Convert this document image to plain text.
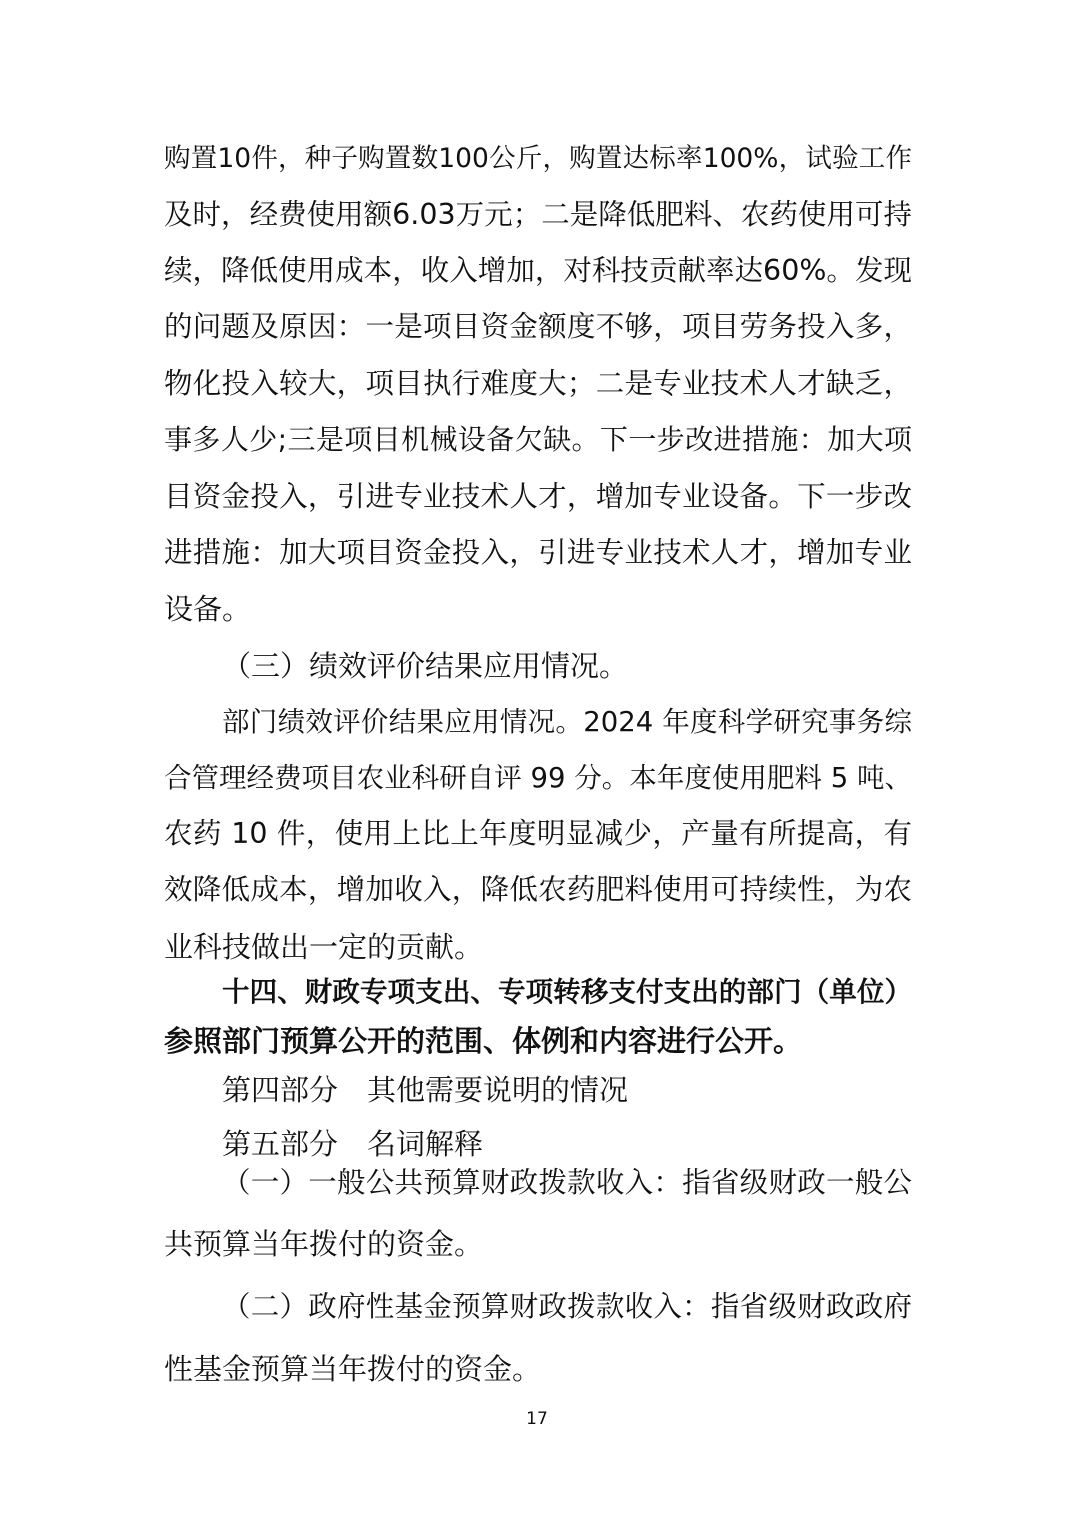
购置10件，种子购置数100公斤，购置达标率100%，试验工作
及时，经费使用额6.03万元；二是降低肥料、农药使用可持
续，降低使用成本，收入增加，对科技贡献率达60%。发现
的问题及原因：一是项目资金额度不够，项目劳务投入多，
物化投入较大，项目执行难度大；二是专业技术人才缺乏，
事多人少;三是项目机械设备欠缺。下一步改进措施：加大项
目资金投入，引进专业技术人才，增加专业设备。下一步改
进措施：加大项目资金投入，引进专业技术人才，增加专业
设备。
（三）绩效评价结果应用情况。
部门绩效评价结果应用情况。2024 年度科学研究事务综
合管理经费项目农业科研自评 99 分。本年度使用肥料 5 吨、
农药 10 件，使用上比上年度明显减少，产量有所提高，有
效降低成本，增加收入，降低农药肥料使用可持续性，为农
业科技做出一定的贡献。
十四、财政专项支出、专项转移支付支出的部门（单位）
参照部门预算公开的范围、体例和内容进行公开。
第四部分　其他需要说明的情况
第五部分　名词解释
（一）一般公共预算财政拨款收入：指省级财政一般公
共预算当年拨付的资金。
（二）政府性基金预算财政拨款收入：指省级财政政府
性基金预算当年拨付的资金。
17
